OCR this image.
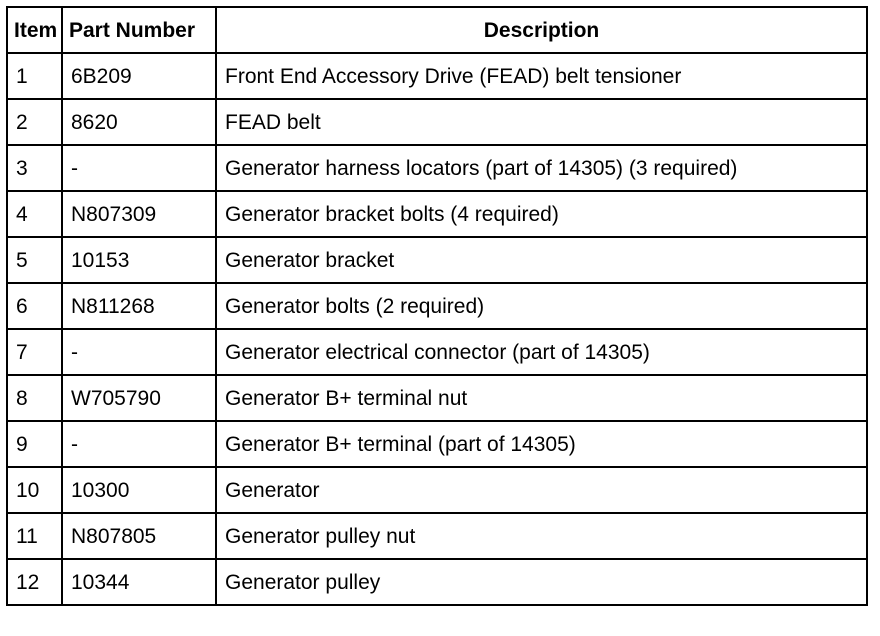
Item	Part Number	Description
1	6B209	Front End Accessory Drive (FEAD) belt tensioner
2	8620	FEAD belt
3	-	Generator harness locators (part of 14305) (3 required)
4	N807309	Generator bracket bolts (4 required)
5	10153	Generator bracket
6	N811268	Generator bolts (2 required)
7	-	Generator electrical connector (part of 14305)
8	W705790	Generator B+ terminal nut
9	-	Generator B+ terminal (part of 14305)
10	10300	Generator
11	N807805	Generator pulley nut
12	10344	Generator pulley
